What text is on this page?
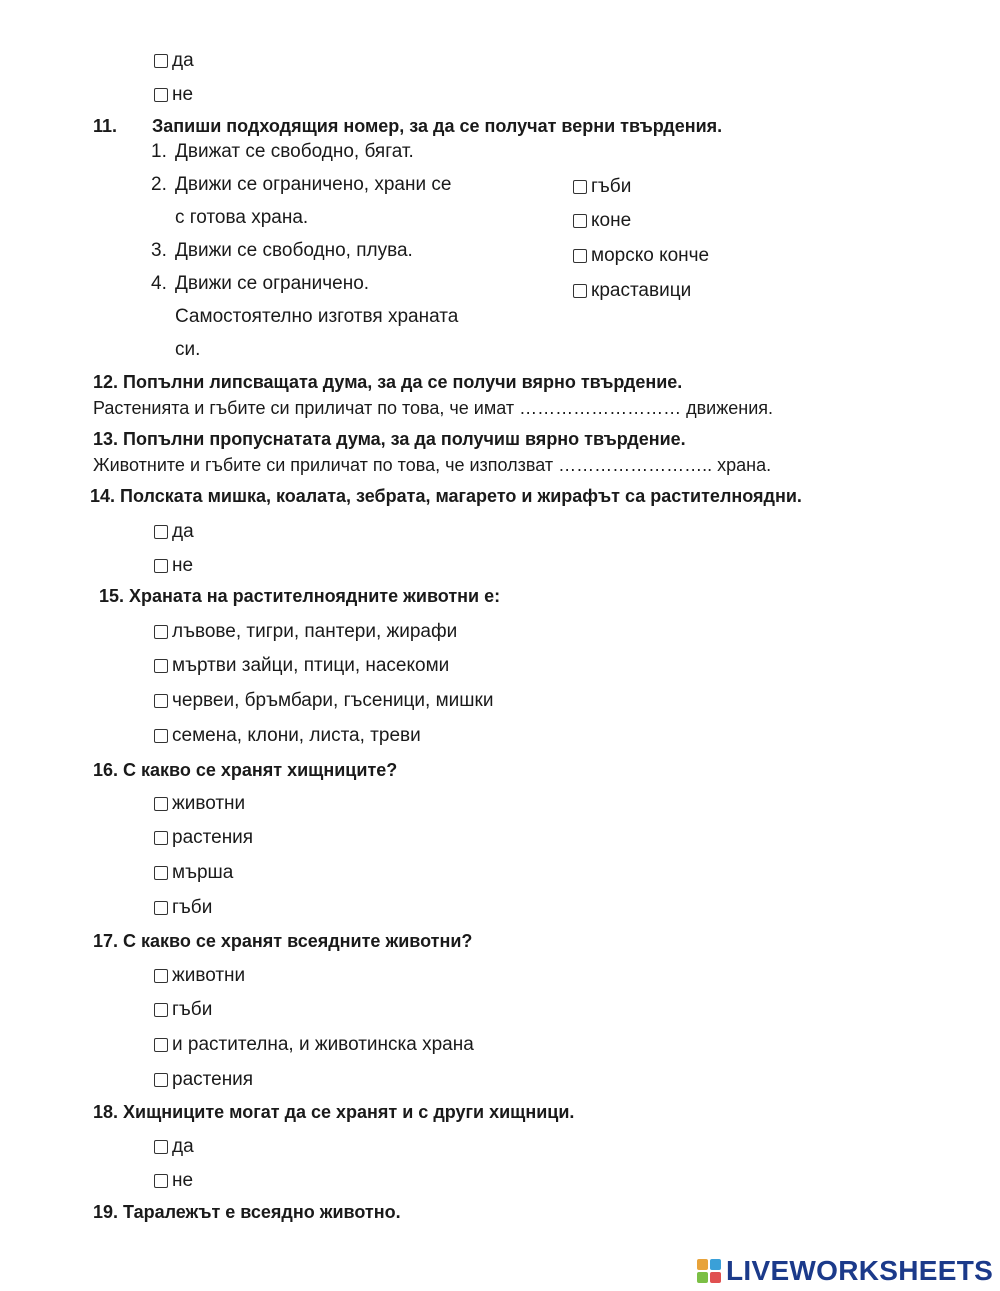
да
не
11. Запиши подходящия номер, за да се получат верни твърдения.
1. Движат се свободно, бягат.
2. Движи се ограничено, храни се
с готова храна.
3. Движи се свободно, плува.
4. Движи се ограничено.
Самостоятелно изготвя храната
си.
гъби
коне
морско конче
краставици
12. Попълни липсващата дума, за да се получи вярно твърдение.
Растенията и гъбите си приличат по това, че имат ……………………… движения.
13. Попълни пропуснатата дума, за да получиш вярно твърдение.
Животните и гъбите си приличат по това, че използват …………………….. храна.
14. Полската мишка, коалата, зебрата, магарето и жирафът са растителноядни.
да
не
15. Храната на растителноядните животни е:
лъвове, тигри, пантери, жирафи
мъртви зайци, птици, насекоми
червеи, бръмбари, гъсеници, мишки
семена, клони, листа, треви
16. С какво се хранят хищниците?
животни
растения
мърша
гъби
17. С какво се хранят всеядните животни?
животни
гъби
и растителна, и животинска храна
растения
18. Хищниците могат да се хранят и с други хищници.
да
не
19. Таралежът е всеядно животно.
LIVEWORKSHEETS
